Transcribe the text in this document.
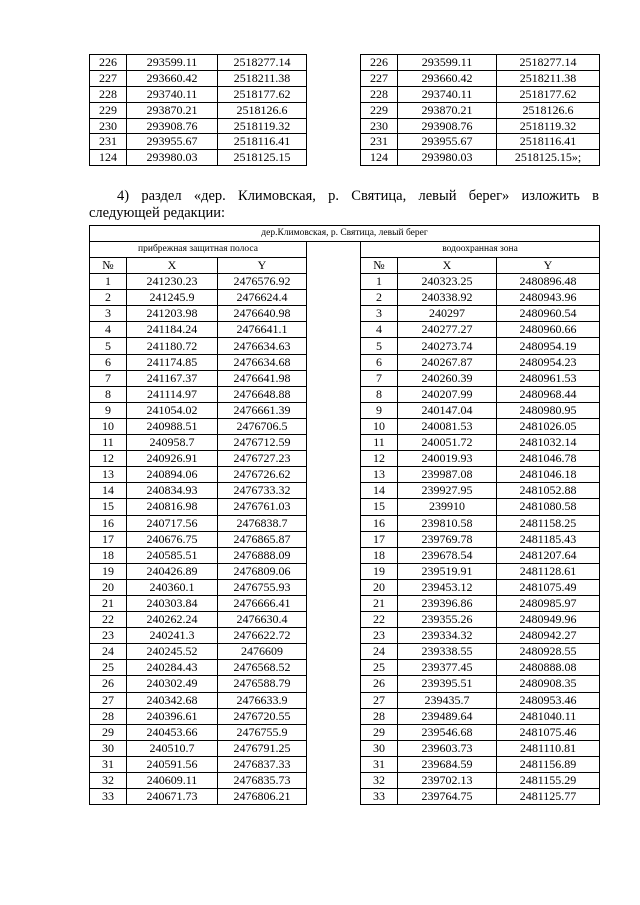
226	293599.11	2518277.14		226	293599.11	2518277.14
227	293660.42	2518211.38		227	293660.42	2518211.38
228	293740.11	2518177.62		228	293740.11	2518177.62
229	293870.21	2518126.6		229	293870.21	2518126.6
230	293908.76	2518119.32		230	293908.76	2518119.32
231	293955.67	2518116.41		231	293955.67	2518116.41
124	293980.03	2518125.15		124	293980.03	2518125.15»;
4) раздел «дер. Климовская, р. Святица, левый берег» изложить в
следующей редакции:
дер.Климовская, р. Святица, левый берег						
прибрежная защитная полоса				водоохранная зона		
№	X	Y		№	X	Y
1	241230.23	2476576.92		1	240323.25	2480896.48
2	241245.9	2476624.4		2	240338.92	2480943.96
3	241203.98	2476640.98		3	240297	2480960.54
4	241184.24	2476641.1		4	240277.27	2480960.66
5	241180.72	2476634.63		5	240273.74	2480954.19
6	241174.85	2476634.68		6	240267.87	2480954.23
7	241167.37	2476641.98		7	240260.39	2480961.53
8	241114.97	2476648.88		8	240207.99	2480968.44
9	241054.02	2476661.39		9	240147.04	2480980.95
10	240988.51	2476706.5		10	240081.53	2481026.05
11	240958.7	2476712.59		11	240051.72	2481032.14
12	240926.91	2476727.23		12	240019.93	2481046.78
13	240894.06	2476726.62		13	239987.08	2481046.18
14	240834.93	2476733.32		14	239927.95	2481052.88
15	240816.98	2476761.03		15	239910	2481080.58
16	240717.56	2476838.7		16	239810.58	2481158.25
17	240676.75	2476865.87		17	239769.78	2481185.43
18	240585.51	2476888.09		18	239678.54	2481207.64
19	240426.89	2476809.06		19	239519.91	2481128.61
20	240360.1	2476755.93		20	239453.12	2481075.49
21	240303.84	2476666.41		21	239396.86	2480985.97
22	240262.24	2476630.4		22	239355.26	2480949.96
23	240241.3	2476622.72		23	239334.32	2480942.27
24	240245.52	2476609		24	239338.55	2480928.55
25	240284.43	2476568.52		25	239377.45	2480888.08
26	240302.49	2476588.79		26	239395.51	2480908.35
27	240342.68	2476633.9		27	239435.7	2480953.46
28	240396.61	2476720.55		28	239489.64	2481040.11
29	240453.66	2476755.9		29	239546.68	2481075.46
30	240510.7	2476791.25		30	239603.73	2481110.81
31	240591.56	2476837.33		31	239684.59	2481156.89
32	240609.11	2476835.73		32	239702.13	2481155.29
33	240671.73	2476806.21		33	239764.75	2481125.77
